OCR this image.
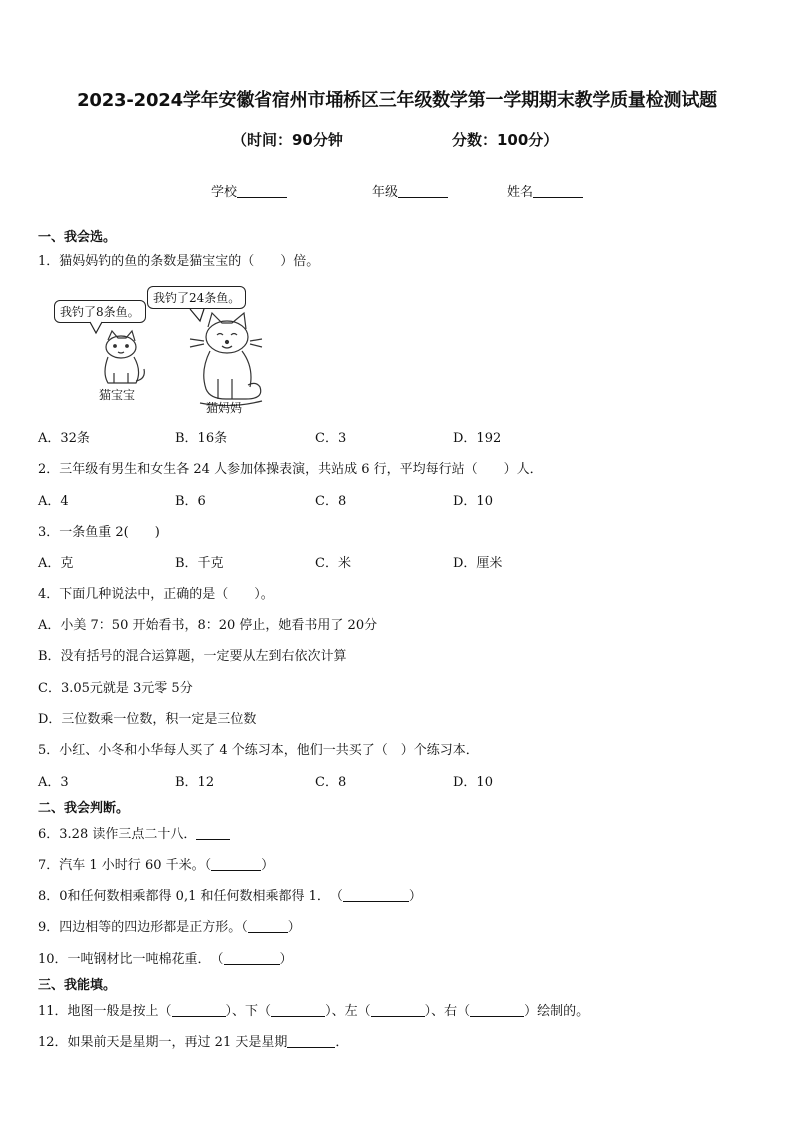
2023-2024学年安徽省宿州市埇桥区三年级数学第一学期期末教学质量检测试题
（时间：90分钟	分数：100分）
学校	年级	姓名
一、我会选。
1．猫妈妈钓的鱼的条数是猫宝宝的（　　）倍。
我钓了8条鱼。
我钓了24条鱼。
猫宝宝
猫妈妈
A．32条	B．16条	C．3	D．192
2．三年级有男生和女生各 24 人参加体操表演，共站成 6 行，平均每行站（　　）人．
A．4	B．6	C．8	D．10
3．一条鱼重 2(　　)
A．克	B．千克	C．米	D．厘米
4．下面几种说法中，正确的是（　　）。
A．小美 7：50 开始看书，8：20 停止，她看书用了 20分
B．没有括号的混合运算题，一定要从左到右依次计算
C．3.05元就是 3元零 5分
D．三位数乘一位数，积一定是三位数
5．小红、小冬和小华每人买了 4 个练习本，他们一共买了（　）个练习本．
A．3	B．12	C．8	D．10
二、我会判断。
6．3.28 读作三点二十八．
7．汽车 1 小时行 60 千米。（	）
8．0和任何数相乘都得 0,1 和任何数相乘都得 1．　（	）
9．四边相等的四边形都是正方形。（	）
10．一吨钢材比一吨棉花重．　（	）
三、我能填。
11．地图一般是按上（	）、下（	）、左（	）、右（	）绘制的。
12．如果前天是星期一，再过 21 天是星期	．
